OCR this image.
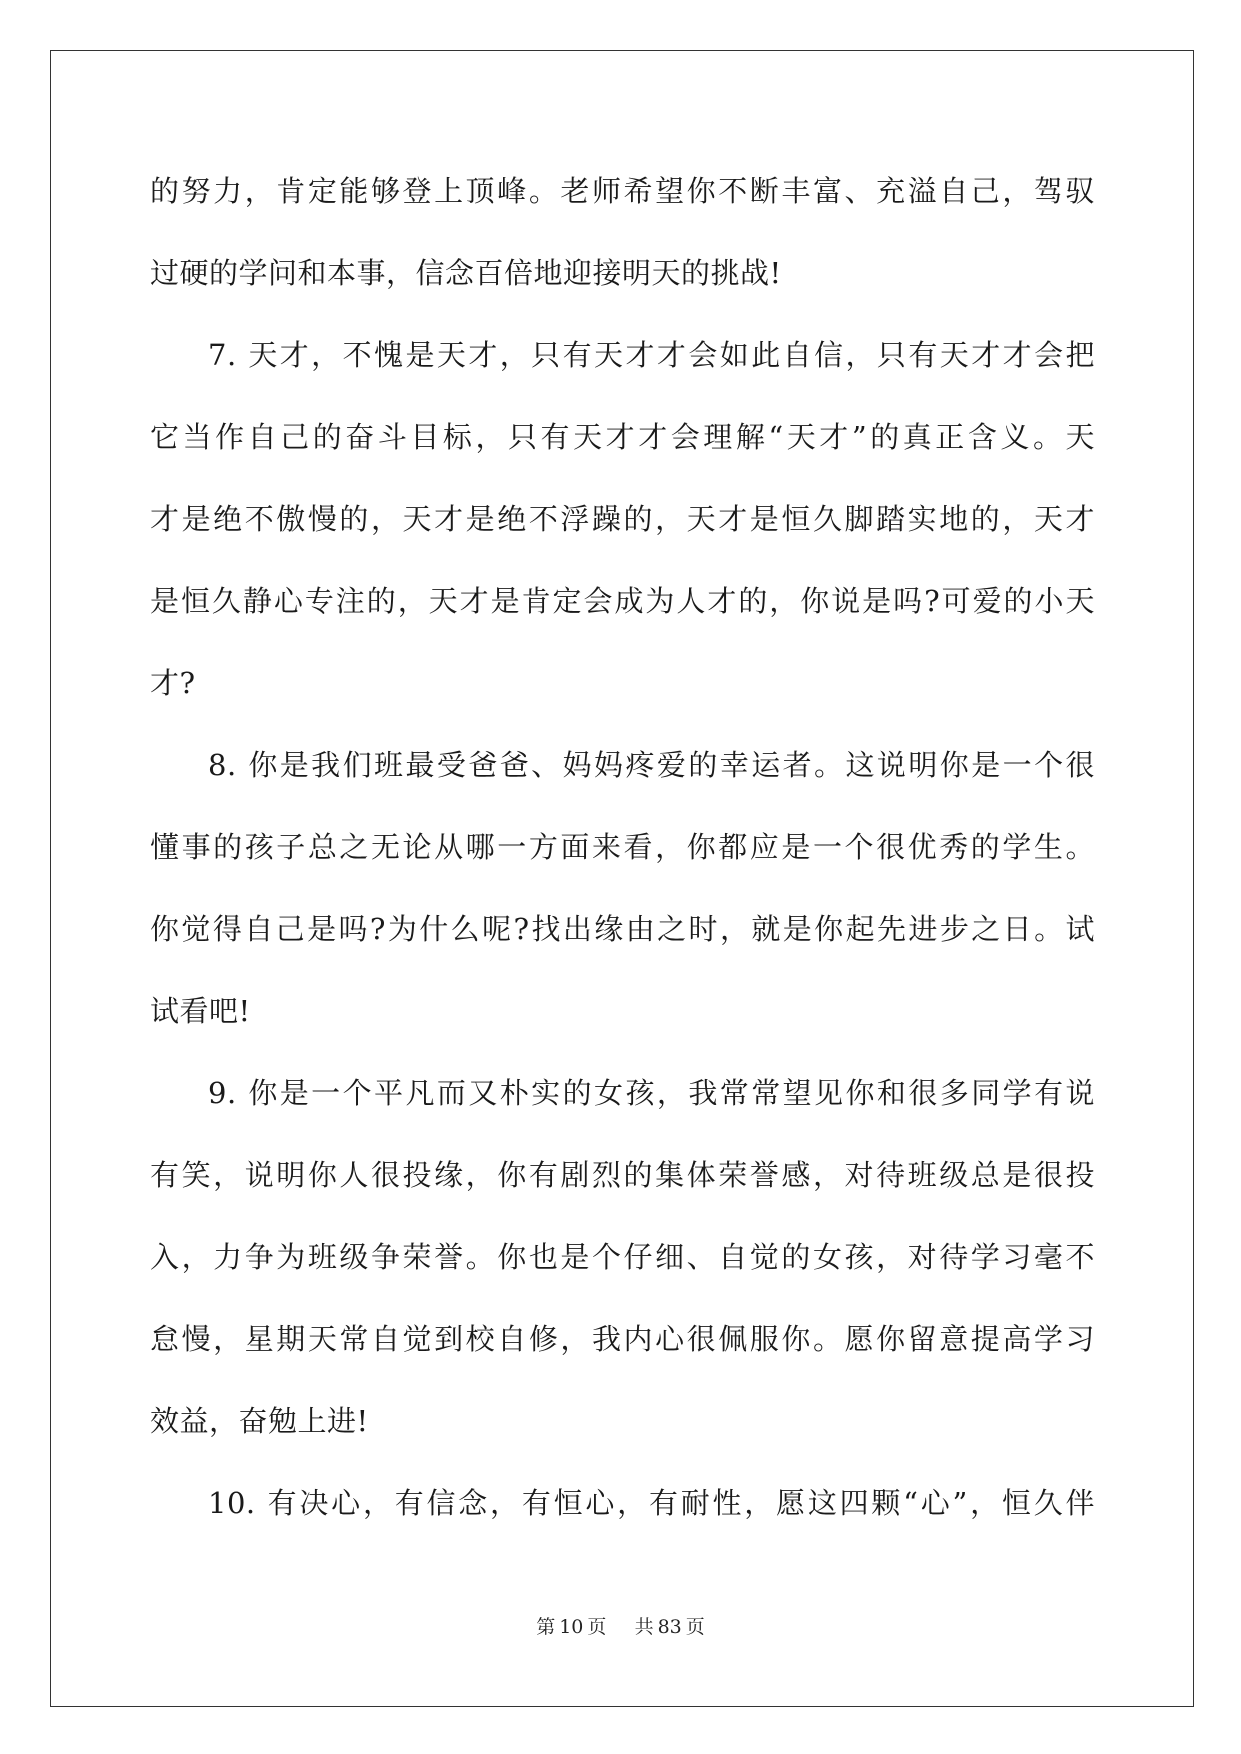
的努力，肯定能够登上顶峰。老师希望你不断丰富、充溢自己，驾驭
过硬的学问和本事，信念百倍地迎接明天的挑战!
7. 天才，不愧是天才，只有天才才会如此自信，只有天才才会把
它当作自己的奋斗目标，只有天才才会理解“天才”的真正含义。天
才是绝不傲慢的，天才是绝不浮躁的，天才是恒久脚踏实地的，天才
是恒久静心专注的，天才是肯定会成为人才的，你说是吗?可爱的小天
才?
8. 你是我们班最受爸爸、妈妈疼爱的幸运者。这说明你是一个很
懂事的孩子总之无论从哪一方面来看，你都应是一个很优秀的学生。
你觉得自己是吗?为什么呢?找出缘由之时，就是你起先进步之日。试
试看吧!
9. 你是一个平凡而又朴实的女孩，我常常望见你和很多同学有说
有笑，说明你人很投缘，你有剧烈的集体荣誉感，对待班级总是很投
入，力争为班级争荣誉。你也是个仔细、自觉的女孩，对待学习毫不
怠慢，星期天常自觉到校自修，我内心很佩服你。愿你留意提高学习
效益，奋勉上进!
10. 有决心，有信念，有恒心，有耐性，愿这四颗“心”，恒久伴
第 10 页 共 83 页
